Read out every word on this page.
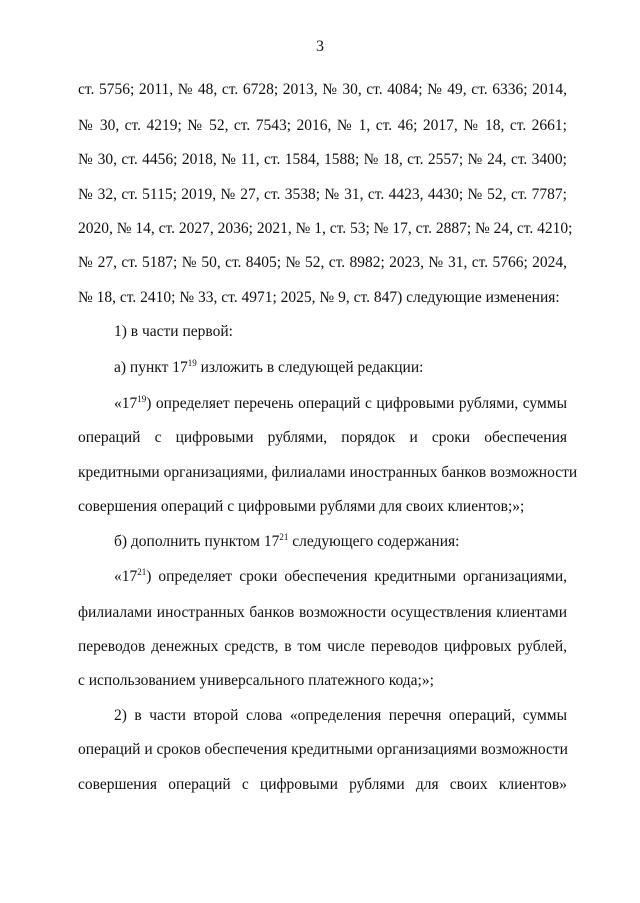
3
ст. 5756; 2011, № 48, ст. 6728; 2013, № 30, ст. 4084; № 49, ст. 6336; 2014,
№ 30, ст. 4219; № 52, ст. 7543; 2016, № 1, ст. 46; 2017, № 18, ст. 2661;
№ 30, ст. 4456; 2018, № 11, ст. 1584, 1588; № 18, ст. 2557; № 24, ст. 3400;
№ 32, ст. 5115; 2019, № 27, ст. 3538; № 31, ст. 4423, 4430; № 52, ст. 7787;
2020, № 14, ст. 2027, 2036; 2021, № 1, ст. 53; № 17, ст. 2887; № 24, ст. 4210;
№ 27, ст. 5187; № 50, ст. 8405; № 52, ст. 8982; 2023, № 31, ст. 5766; 2024,
№ 18, ст. 2410; № 33, ст. 4971; 2025, № 9, ст. 847) следующие изменения:
1) в части первой:
а) пункт $17^{19}$ изложить в следующей редакции:
«$17^{19}$) определяет перечень операций с цифровыми рублями, суммы
операций с цифровыми рублями, порядок и сроки обеспечения
кредитными организациями, филиалами иностранных банков возможности
совершения операций с цифровыми рублями для своих клиентов;»;
б) дополнить пунктом $17^{21}$ следующего содержания:
«$17^{21}$) определяет сроки обеспечения кредитными организациями,
филиалами иностранных банков возможности осуществления клиентами
переводов денежных средств, в том числе переводов цифровых рублей,
с использованием универсального платежного кода;»;
2) в части второй слова «определения перечня операций, суммы
операций и сроков обеспечения кредитными организациями возможности
совершения операций с цифровыми рублями для своих клиентов»
